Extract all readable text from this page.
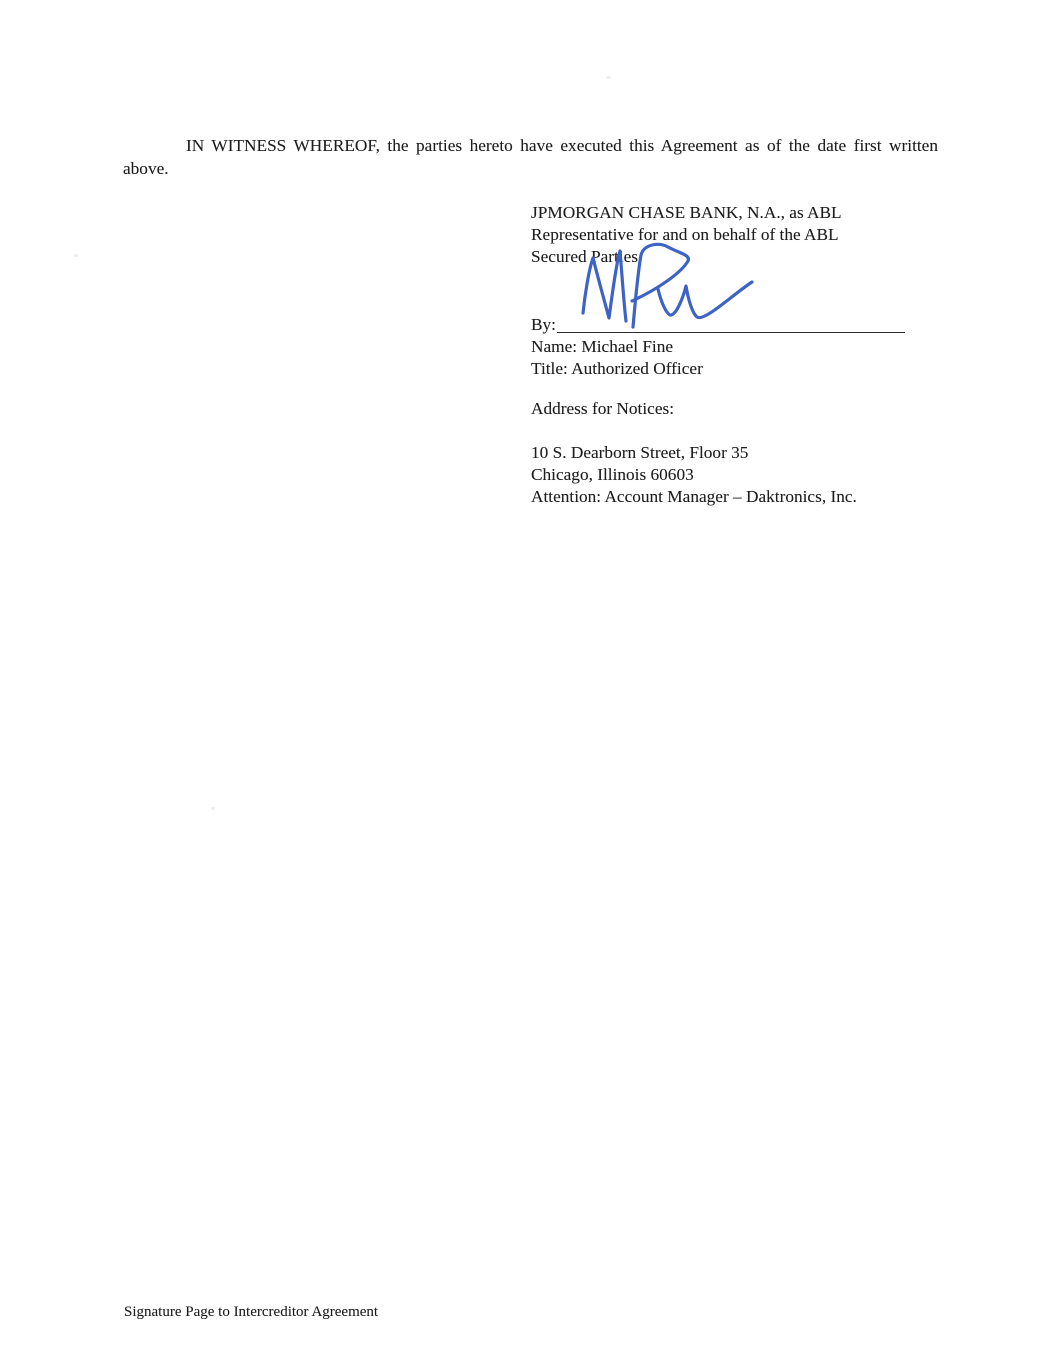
IN WITNESS WHEREOF, the parties hereto have executed this Agreement as of the date first written above.

JPMORGAN CHASE BANK, N.A., as ABL
Representative for and on behalf of the ABL
Secured Parties
By:
Name: Michael Fine
Title: Authorized Officer
Address for Notices:
10 S. Dearborn Street, Floor 35
Chicago, Illinois 60603
Attention: Account Manager – Daktronics, Inc.
Signature Page to Intercreditor Agreement
